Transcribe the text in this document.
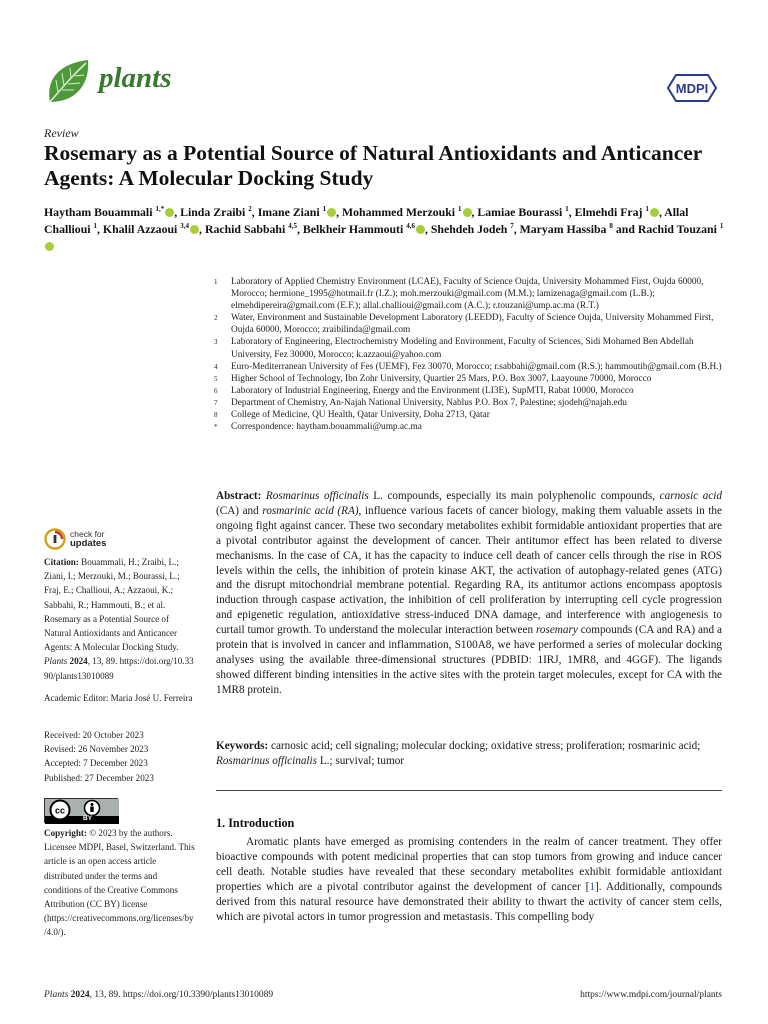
plants	MDPI
Review
Rosemary as a Potential Source of Natural Antioxidants and Anticancer Agents: A Molecular Docking Study
Haytham Bouammali $^{1,*}$ , Linda Zraibi $^2$, Imane Ziani $^1$ , Mohammed Merzouki $^1$ , Lamiae Bourassi $^1$, Elmehdi Fraj $^1$ , Allal Challioui $^1$, Khalil Azzaoui $^{3,4}$ , Rachid Sabbahi $^{4,5}$, Belkheir Hammouti $^{4,6}$ , Shehdeh Jodeh $^7$, Maryam Hassiba $^8$ and Rachid Touzani $^1$
1	Laboratory of Applied Chemistry Environment (LCAE), Faculty of Science Oujda, University Mohammed First, Oujda 60000, Morocco; hermione_1995@hotmail.fr (I.Z.); moh.merzouki@gmail.com (M.M.); lamizenaga@gmail.com (L.B.); elmehdipereira@gmail.com (E.F.); allal.challioui@gmail.com (A.C.); r.touzani@ump.ac.ma (R.T.)
2	Water, Environment and Sustainable Development Laboratory (LEEDD), Faculty of Science Oujda, University Mohammed First, Oujda 60000, Morocco; zraibilinda@gmail.com
3	Laboratory of Engineering, Electrochemistry Modeling and Environment, Faculty of Sciences, Sidi Mohamed Ben Abdellah University, Fez 30000, Morocco; k.azzaoui@yahoo.com
4	Euro-Mediterranean University of Fes (UEMF), Fez 30070, Morocco; r.sabbahi@gmail.com (R.S.); hammoutib@gmail.com (B.H.)
5	Higher School of Technology, Ibn Zohr University, Quartier 25 Mars, P.O. Box 3007, Laayoune 70000, Morocco
6	Laboratory of Industrial Engineering, Energy and the Environment (LI3E), SupMTI, Rabat 10000, Morocco
7	Department of Chemistry, An-Najah National University, Nablus P.O. Box 7, Palestine; sjodeh@najah.edu
8	College of Medicine, QU Health, Qatar University, Doha 2713, Qatar
*	Correspondence: haytham.bouammali@ump.ac.ma
check for
updates
Citation: Bouammali, H.; Zraibi, L.; Ziani, I.; Merzouki, M.; Bourassi, L.; Fraj, E.; Challioui, A.; Azzaoui, K.; Sabbahi, R.; Hammouti, B.; et al. Rosemary as a Potential Source of Natural Antioxidants and Anticancer Agents: A Molecular Docking Study. Plants 2024, 13, 89. https://doi.org/10.3390/plants13010089
Academic Editor: Maria José U. Ferreira
Received: 20 October 2023
Revised: 26 November 2023
Accepted: 7 December 2023
Published: 27 December 2023
cc
BY
Copyright: © 2023 by the authors. Licensee MDPI, Basel, Switzerland. This article is an open access article distributed under the terms and conditions of the Creative Commons Attribution (CC BY) license (https://creativecommons.org/licenses/by/4.0/).
Abstract: Rosmarinus officinalis L. compounds, especially its main polyphenolic compounds, carnosic acid (CA) and rosmarinic acid (RA), influence various facets of cancer biology, making them valuable assets in the ongoing fight against cancer. These two secondary metabolites exhibit formidable antioxidant properties that are a pivotal contributor against the development of cancer. Their antitumor effect has been related to diverse mechanisms. In the case of CA, it has the capacity to induce cell death of cancer cells through the rise in ROS levels within the cells, the inhibition of protein kinase AKT, the activation of autophagy-related genes (ATG) and the disrupt mitochondrial membrane potential. Regarding RA, its antitumor actions encompass apoptosis induction through caspase activation, the inhibition of cell proliferation by interrupting cell cycle progression and epigenetic regulation, antioxidative stress-induced DNA damage, and interference with angiogenesis to curtail tumor growth. To understand the molecular interaction between rosemary compounds (CA and RA) and a protein that is involved in cancer and inflammation, S100A8, we have performed a series of molecular docking analyses using the available three-dimensional structures (PDBID: 1IRJ, 1MR8, and 4GGF). The ligands showed different binding intensities in the active sites with the protein target molecules, except for CA with the 1MR8 protein.
Keywords: carnosic acid; cell signaling; molecular docking; oxidative stress; proliferation; rosmarinic acid; Rosmarinus officinalis L.; survival; tumor
1. Introduction
Aromatic plants have emerged as promising contenders in the realm of cancer treatment. They offer bioactive compounds with potent medicinal properties that can stop tumors from growing and induce cancer cell death. Notable studies have revealed that these secondary metabolites exhibit formidable antioxidant properties which are a pivotal contributor against the development of cancer [1]. Additionally, compounds derived from this natural resource have demonstrated their ability to thwart the activity of cancer stem cells, which are pivotal actors in tumor progression and metastasis. This compelling body
Plants 2024, 13, 89. https://doi.org/10.3390/plants13010089	https://www.mdpi.com/journal/plants
